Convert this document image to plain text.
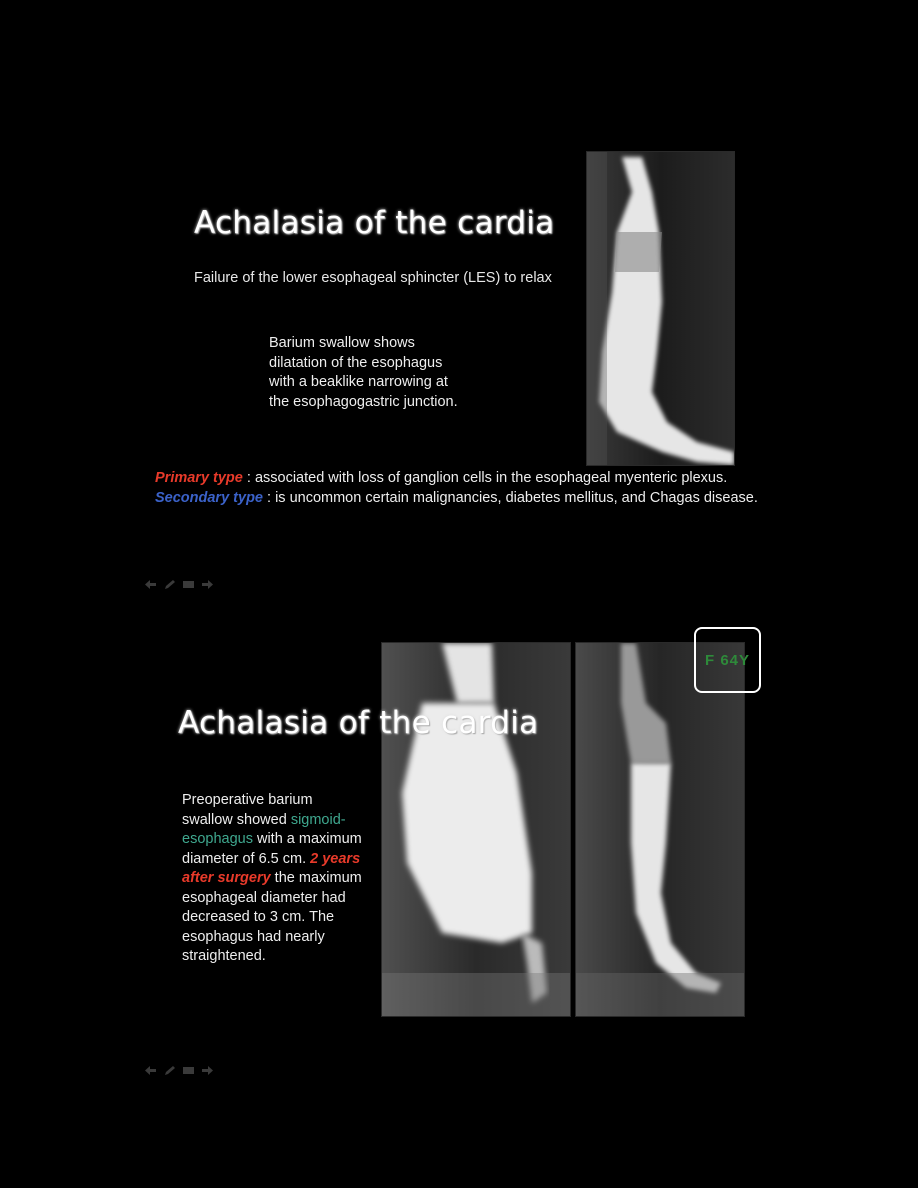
Achalasia of the cardia
Failure of the lower esophageal sphincter (LES) to relax
Barium swallow shows
dilatation of the esophagus
with a beaklike narrowing at
the esophagogastric junction.
Primary type : associated with loss of ganglion cells in the esophageal myenteric plexus.
Secondary type : is uncommon certain malignancies, diabetes mellitus, and Chagas disease.
F 64Y
Achalasia of the cardia
Preoperative barium swallow showed sigmoid-esophagus with a maximum diameter of 6.5 cm. 2 years after surgery the maximum esophageal diameter had decreased to 3 cm. The esophagus had nearly straightened.
